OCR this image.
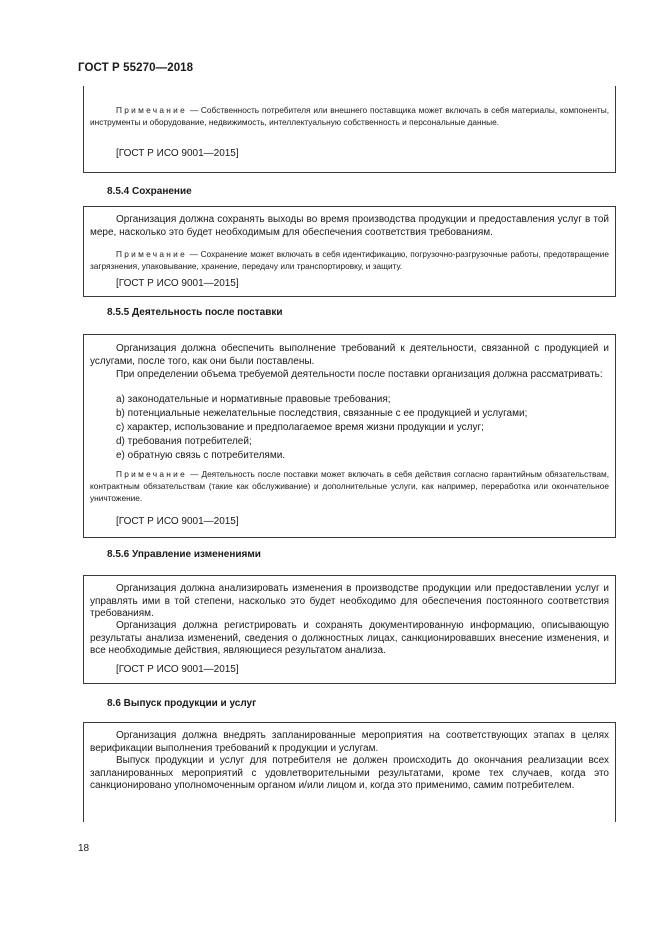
ГОСТ Р 55270—2018

Примечание — Собственность потребителя или внешнего поставщика может включать в себя материалы, компоненты, инструменты и оборудование, недвижимость, интеллектуальную собственность и персональные данные.

[ГОСТ Р ИСО 9001—2015]

8.5.4 Сохранение

Организация должна сохранять выходы во время производства продукции и предоставления услуг в той мере, насколько это будет необходимым для обеспечения соответствия требованиям.

Примечание — Сохранение может включать в себя идентификацию, погрузочно-разгрузочные работы, предотвращение загрязнения, упаковывание, хранение, передачу или транспортировку, и защиту.

[ГОСТ Р ИСО 9001—2015]

8.5.5 Деятельность после поставки

Организация должна обеспечить выполнение требований к деятельности, связанной с продукцией и услугами, после того, как они были поставлены.

При определении объема требуемой деятельности после поставки организация должна рассматривать:

a) законодательные и нормативные правовые требования;

b) потенциальные нежелательные последствия, связанные с ее продукцией и услугами;

c) характер, использование и предполагаемое время жизни продукции и услуг;

d) требования потребителей;

e) обратную связь с потребителями.

Примечание — Деятельность после поставки может включать в себя действия согласно гарантийным обязательствам, контрактным обязательствам (такие как обслуживание) и дополнительные услуги, как например, переработка или окончательное уничтожение.

[ГОСТ Р ИСО 9001—2015]

8.5.6 Управление изменениями

Организация должна анализировать изменения в производстве продукции или предоставлении услуг и управлять ими в той степени, насколько это будет необходимо для обеспечения постоянного соответствия требованиям.

Организация должна регистрировать и сохранять документированную информацию, описывающую результаты анализа изменений, сведения о должностных лицах, санкционировавших внесение изменения, и все необходимые действия, являющиеся результатом анализа.

[ГОСТ Р ИСО 9001—2015]

8.6 Выпуск продукции и услуг

Организация должна внедрять запланированные мероприятия на соответствующих этапах в целях верификации выполнения требований к продукции и услугам.

Выпуск продукции и услуг для потребителя не должен происходить до окончания реализации всех запланированных мероприятий с удовлетворительными результатами, кроме тех случаев, когда это санкционировано уполномоченным органом и/или лицом и, когда это применимо, самим потребителем.

18
